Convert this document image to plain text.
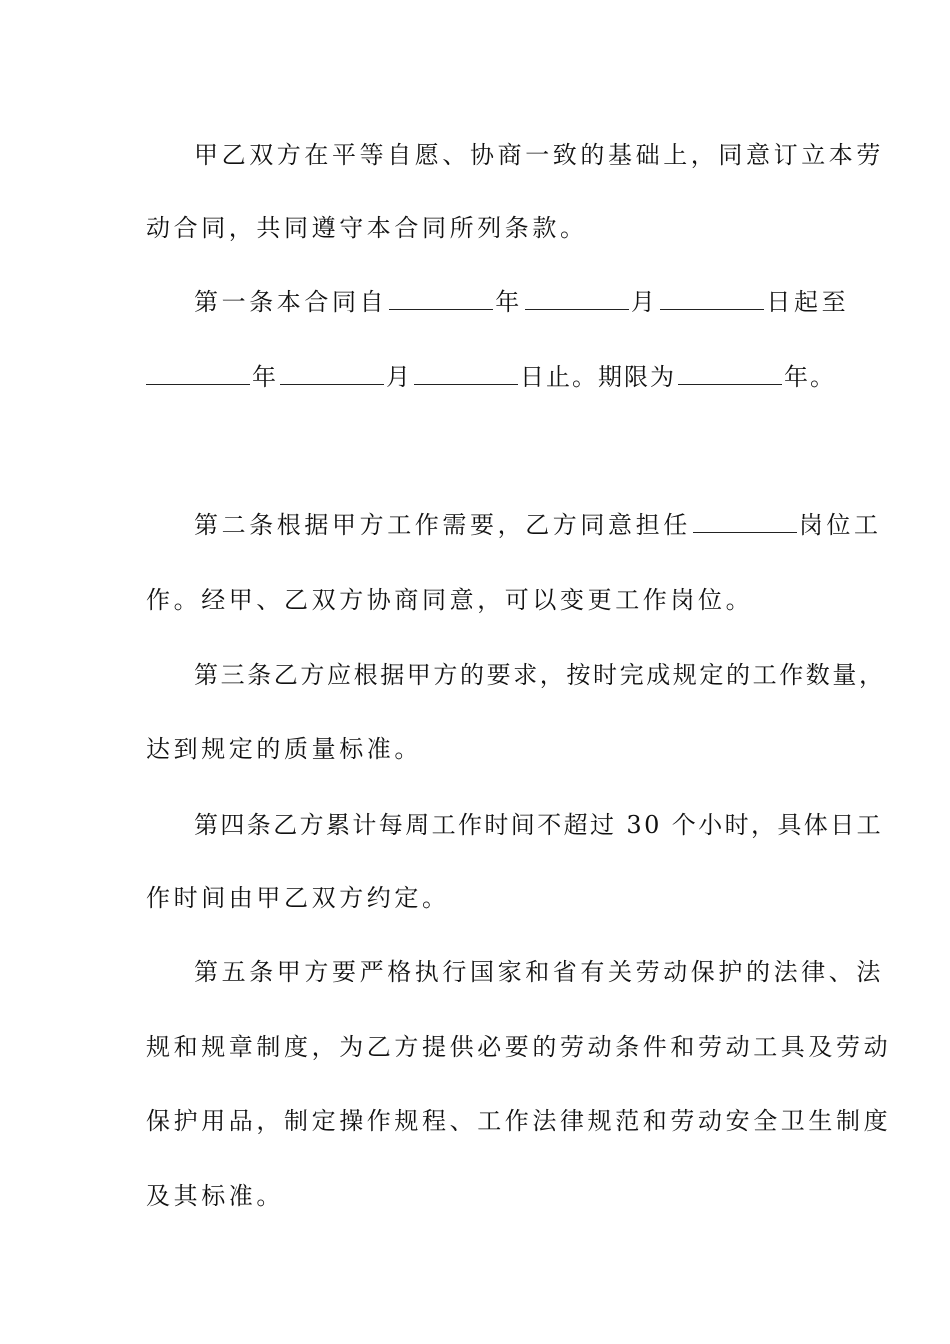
甲乙双方在平等自愿、协商一致的基础上，同意订立本劳
动合同，共同遵守本合同所列条款。
第一条本合同自	年	月	日起至
年	月	日止。期限为	年。
第二条根据甲方工作需要，乙方同意担任	岗位工
作。经甲、乙双方协商同意，可以变更工作岗位。
第三条乙方应根据甲方的要求，按时完成规定的工作数量，
达到规定的质量标准。
第四条乙方累计每周工作时间不超过 30 个小时，具体日工
作时间由甲乙双方约定。
第五条甲方要严格执行国家和省有关劳动保护的法律、法
规和规章制度，为乙方提供必要的劳动条件和劳动工具及劳动
保护用品，制定操作规程、工作法律规范和劳动安全卫生制度
及其标准。
